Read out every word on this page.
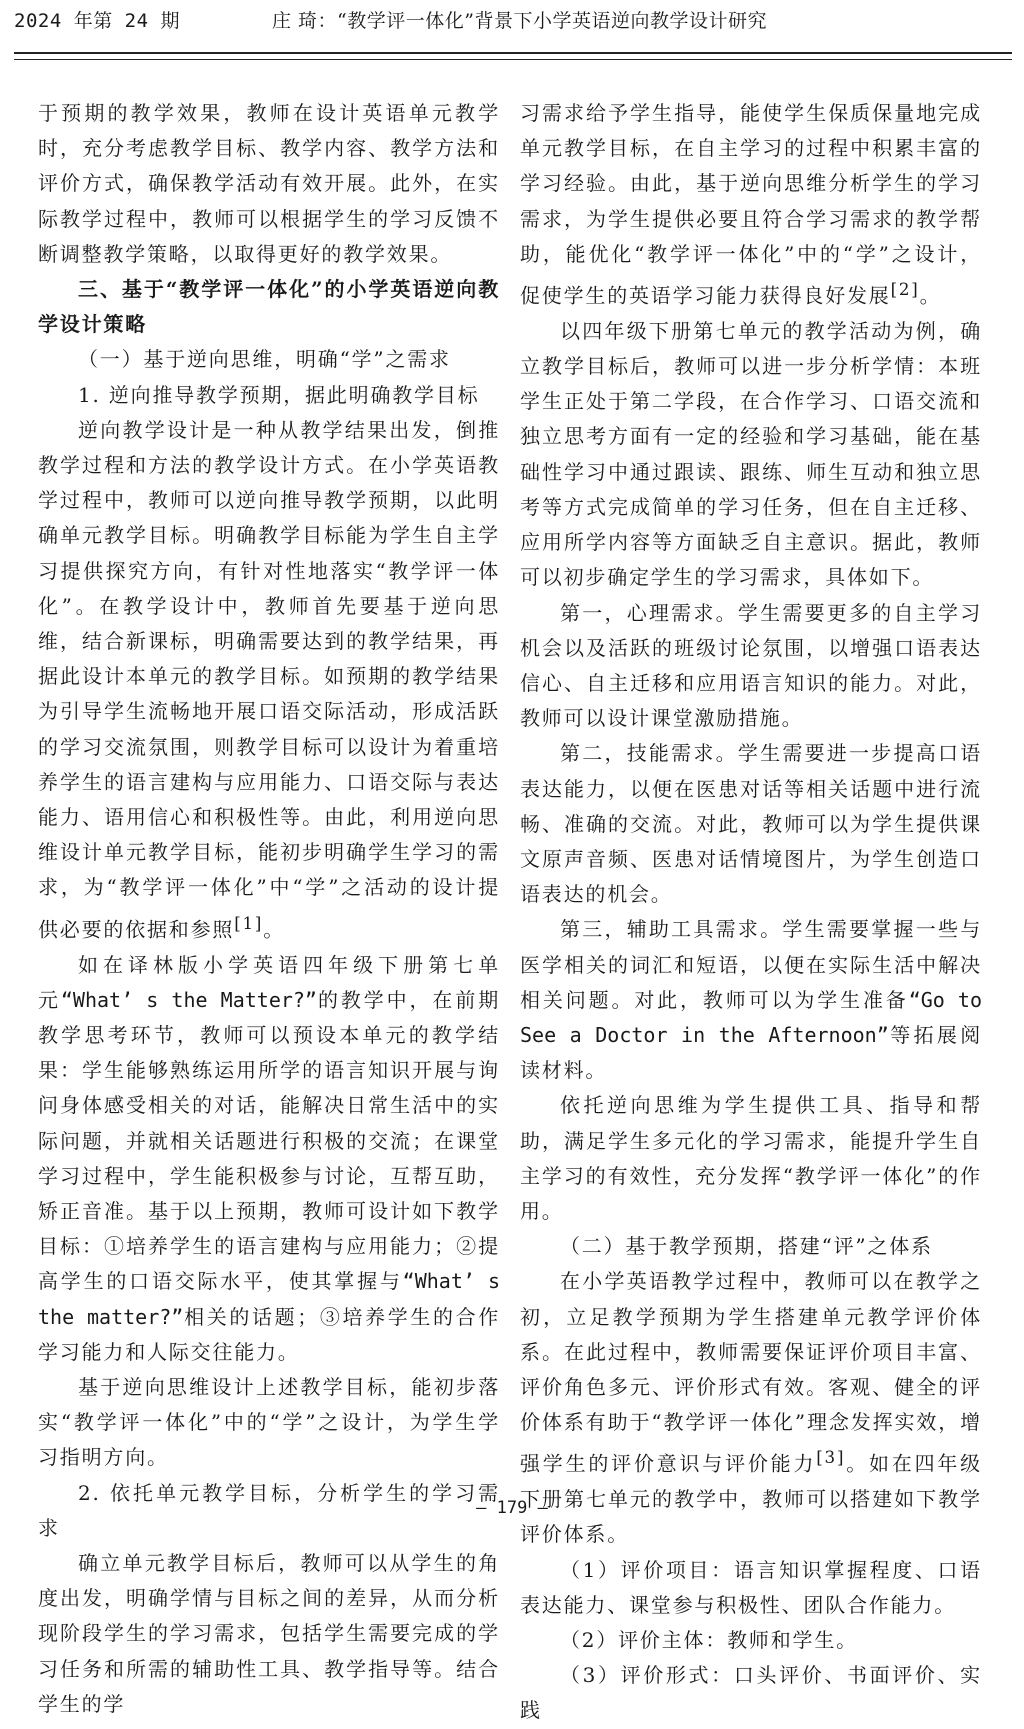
2024 年第 24 期	庄 琦：“教学评一体化”背景下小学英语逆向教学设计研究

于预期的教学效果，教师在设计英语单元教学时，充分考虑教学目标、教学内容、教学方法和评价方式，确保教学活动有效开展。此外，在实际教学过程中，教师可以根据学生的学习反馈不断调整教学策略，以取得更好的教学效果。

三、基于“教学评一体化”的小学英语逆向教学设计策略

（一）基于逆向思维，明确“学”之需求

1. 逆向推导教学预期，据此明确教学目标

逆向教学设计是一种从教学结果出发，倒推教学过程和方法的教学设计方式。在小学英语教学过程中，教师可以逆向推导教学预期，以此明确单元教学目标。明确教学目标能为学生自主学习提供探究方向，有针对性地落实“教学评一体化”。在教学设计中，教师首先要基于逆向思维，结合新课标，明确需要达到的教学结果，再据此设计本单元的教学目标。如预期的教学结果为引导学生流畅地开展口语交际活动，形成活跃的学习交流氛围，则教学目标可以设计为着重培养学生的语言建构与应用能力、口语交际与表达能力、语用信心和积极性等。由此，利用逆向思维设计单元教学目标，能初步明确学生学习的需求，为“教学评一体化”中“学”之活动的设计提供必要的依据和参照[1]。

如在译林版小学英语四年级下册第七单元“What’ s the Matter?”的教学中，在前期教学思考环节，教师可以预设本单元的教学结果：学生能够熟练运用所学的语言知识开展与询问身体感受相关的对话，能解决日常生活中的实际问题，并就相关话题进行积极的交流；在课堂学习过程中，学生能积极参与讨论，互帮互助，矫正音准。基于以上预期，教师可设计如下教学目标：①培养学生的语言建构与应用能力；②提高学生的口语交际水平，使其掌握与“What’ s the matter?”相关的话题；③培养学生的合作学习能力和人际交往能力。

基于逆向思维设计上述教学目标，能初步落实“教学评一体化”中的“学”之设计，为学生学习指明方向。

2. 依托单元教学目标，分析学生的学习需求

确立单元教学目标后，教师可以从学生的角度出发，明确学情与目标之间的差异，从而分析现阶段学生的学习需求，包括学生需要完成的学习任务和所需的辅助性工具、教学指导等。结合学生的学

习需求给予学生指导，能使学生保质保量地完成单元教学目标，在自主学习的过程中积累丰富的学习经验。由此，基于逆向思维分析学生的学习需求，为学生提供必要且符合学习需求的教学帮助，能优化“教学评一体化”中的“学”之设计，促使学生的英语学习能力获得良好发展[2]。

以四年级下册第七单元的教学活动为例，确立教学目标后，教师可以进一步分析学情：本班学生正处于第二学段，在合作学习、口语交流和独立思考方面有一定的经验和学习基础，能在基础性学习中通过跟读、跟练、师生互动和独立思考等方式完成简单的学习任务，但在自主迁移、应用所学内容等方面缺乏自主意识。据此，教师可以初步确定学生的学习需求，具体如下。

第一，心理需求。学生需要更多的自主学习机会以及活跃的班级讨论氛围，以增强口语表达信心、自主迁移和应用语言知识的能力。对此，教师可以设计课堂激励措施。

第二，技能需求。学生需要进一步提高口语表达能力，以便在医患对话等相关话题中进行流畅、准确的交流。对此，教师可以为学生提供课文原声音频、医患对话情境图片，为学生创造口语表达的机会。

第三，辅助工具需求。学生需要掌握一些与医学相关的词汇和短语，以便在实际生活中解决相关问题。对此，教师可以为学生准备“Go to See a Doctor in the Afternoon”等拓展阅读材料。

依托逆向思维为学生提供工具、指导和帮助，满足学生多元化的学习需求，能提升学生自主学习的有效性，充分发挥“教学评一体化”的作用。

（二）基于教学预期，搭建“评”之体系

在小学英语教学过程中，教师可以在教学之初，立足教学预期为学生搭建单元教学评价体系。在此过程中，教师需要保证评价项目丰富、评价角色多元、评价形式有效。客观、健全的评价体系有助于“教学评一体化”理念发挥实效，增强学生的评价意识与评价能力[3]。如在四年级下册第七单元的教学中，教师可以搭建如下教学评价体系。

（1）评价项目：语言知识掌握程度、口语表达能力、课堂参与积极性、团队合作能力。

（2）评价主体：教师和学生。

（3）评价形式：口头评价、书面评价、实践

— 179 —
